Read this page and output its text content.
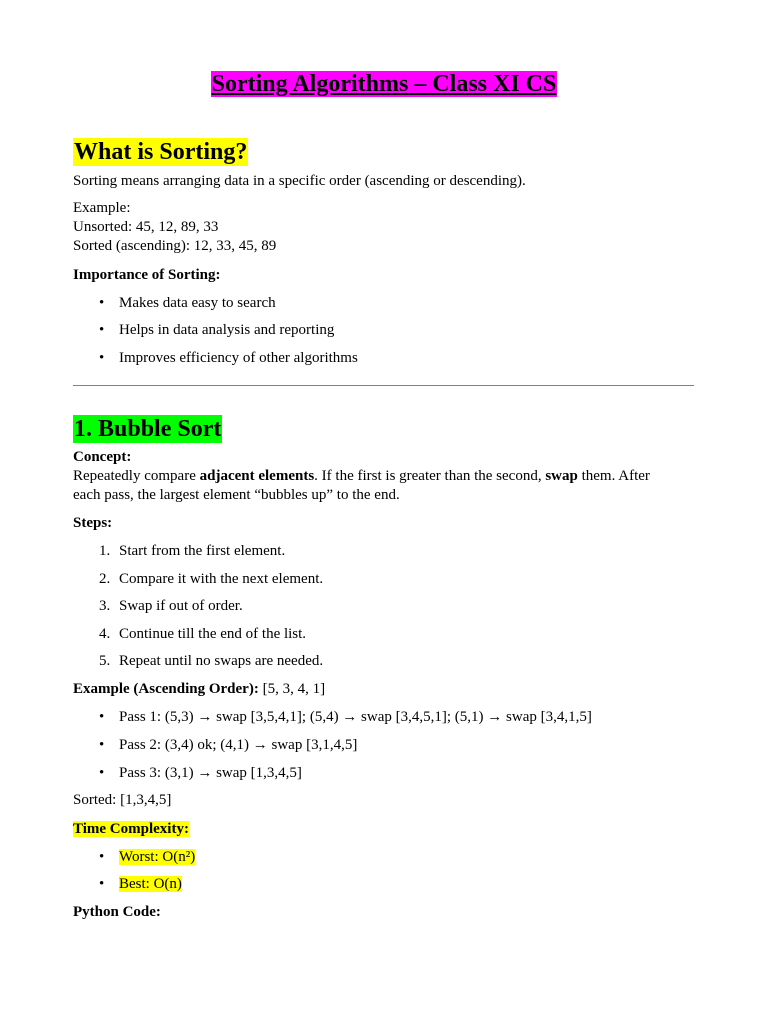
Sorting Algorithms – Class XI CS
What is Sorting?
Sorting means arranging data in a specific order (ascending or descending).
Example:
Unsorted: 45, 12, 89, 33
Sorted (ascending): 12, 33, 45, 89
Importance of Sorting:
• Makes data easy to search
• Helps in data analysis and reporting
• Improves efficiency of other algorithms
1. Bubble Sort
Concept:
Repeatedly compare adjacent elements. If the first is greater than the second, swap them. After
each pass, the largest element “bubbles up” to the end.
Steps:
1. Start from the first element.
2. Compare it with the next element.
3. Swap if out of order.
4. Continue till the end of the list.
5. Repeat until no swaps are needed.
Example (Ascending Order): [5, 3, 4, 1]
• Pass 1: (5,3) → swap [3,5,4,1]; (5,4) → swap [3,4,5,1]; (5,1) → swap [3,4,1,5]
• Pass 2: (3,4) ok; (4,1) → swap [3,1,4,5]
• Pass 3: (3,1) → swap [1,3,4,5]
Sorted: [1,3,4,5]
Time Complexity:
• Worst: O(n²)
• Best: O(n)
Python Code:
